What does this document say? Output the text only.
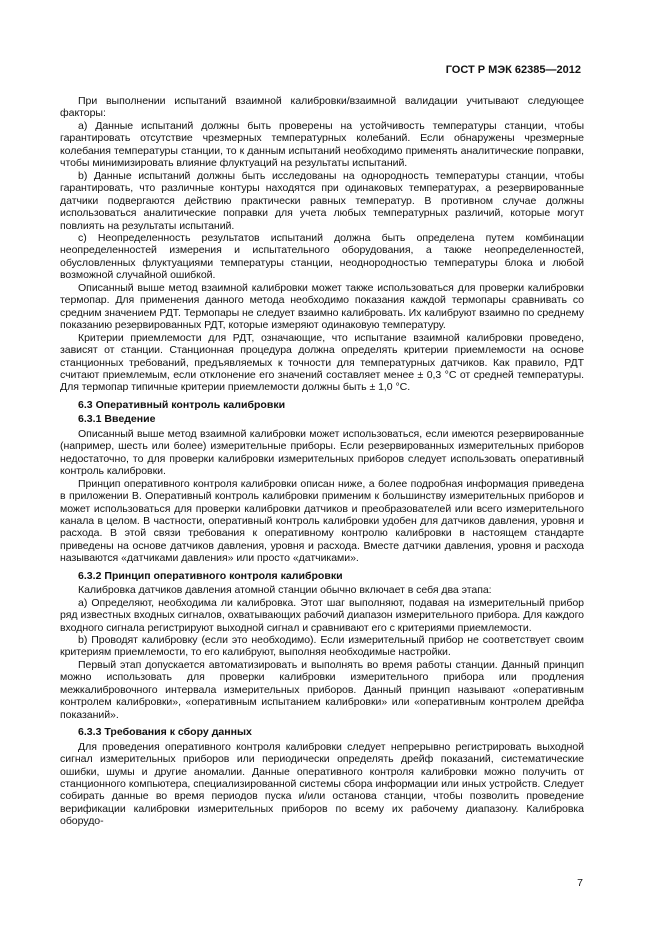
ГОСТ Р МЭК 62385—2012

При выполнении испытаний взаимной калибровки/взаимной валидации учитывают следующее факторы:

а) Данные испытаний должны быть проверены на устойчивость температуры станции, чтобы гарантировать отсутствие чрезмерных температурных колебаний. Если обнаружены чрезмерные колебания температуры станции, то к данным испытаний необходимо применять аналитические поправки, чтобы минимизировать влияние флуктуаций на результаты испытаний.

b) Данные испытаний должны быть исследованы на однородность температуры станции, чтобы гарантировать, что различные контуры находятся при одинаковых температурах, а резервированные датчики подвергаются действию практически равных температур. В противном случае должны использоваться аналитические поправки для учета любых температурных различий, которые могут повлиять на результаты испытаний.

c) Неопределенность результатов испытаний должна быть определена путем комбинации неопределенностей измерения и испытательного оборудования, а также неопределенностей, обусловленных флуктуациями температуры станции, неоднородностью температуры блока и любой возможной случайной ошибкой.

Описанный выше метод взаимной калибровки может также использоваться для проверки калибровки термопар. Для применения данного метода необходимо показания каждой термопары сравнивать со средним значением РДТ. Термопары не следует взаимно калибровать. Их калибруют взаимно по среднему показанию резервированных РДТ, которые измеряют одинаковую температуру.

Критерии приемлемости для РДТ, означающие, что испытание взаимной калибровки проведено, зависят от станции. Станционная процедура должна определять критерии приемлемости на основе станционных требований, предъявляемых к точности для температурных датчиков. Как правило, РДТ считают приемлемым, если отклонение его значений составляет менее ± 0,3 °С от средней температуры. Для термопар типичные критерии приемлемости должны быть ± 1,0 °С.

6.3 Оперативный контроль калибровки
6.3.1 Введение

Описанный выше метод взаимной калибровки может использоваться, если имеются резервированные (например, шесть или более) измерительные приборы. Если резервированных измерительных приборов недостаточно, то для проверки калибровки измерительных приборов следует использовать оперативный контроль калибровки.

Принцип оперативного контроля калибровки описан ниже, а более подробная информация приведена в приложении В. Оперативный контроль калибровки применим к большинству измерительных приборов и может использоваться для проверки калибровки датчиков и преобразователей или всего измерительного канала в целом. В частности, оперативный контроль калибровки удобен для датчиков давления, уровня и расхода. В этой связи требования к оперативному контролю калибровки в настоящем стандарте приведены на основе датчиков давления, уровня и расхода. Вместе датчики давления, уровня и расхода называются «датчиками давления» или просто «датчиками».

6.3.2 Принцип оперативного контроля калибровки

Калибровка датчиков давления атомной станции обычно включает в себя два этапа:

а) Определяют, необходима ли калибровка. Этот шаг выполняют, подавая на измерительный прибор ряд известных входных сигналов, охватывающих рабочий диапазон измерительного прибора. Для каждого входного сигнала регистрируют выходной сигнал и сравнивают его с критериями приемлемости.

b) Проводят калибровку (если это необходимо). Если измерительный прибор не соответствует своим критериям приемлемости, то его калибруют, выполняя необходимые настройки.

Первый этап допускается автоматизировать и выполнять во время работы станции. Данный принцип можно использовать для проверки калибровки измерительного прибора или продления межкалибровочного интервала измерительных приборов. Данный принцип называют «оперативным контролем калибровки», «оперативным испытанием калибровки» или «оперативным контролем дрейфа показаний».

6.3.3 Требования к сбору данных

Для проведения оперативного контроля калибровки следует непрерывно регистрировать выходной сигнал измерительных приборов или периодически определять дрейф показаний, систематические ошибки, шумы и другие аномалии. Данные оперативного контроля калибровки можно получить от станционного компьютера, специализированной системы сбора информации или иных устройств. Следует собирать данные во время периодов пуска и/или останова станции, чтобы позволить проведение верификации калибровки измерительных приборов по всему их рабочему диапазону. Калибровка оборудо-

7
